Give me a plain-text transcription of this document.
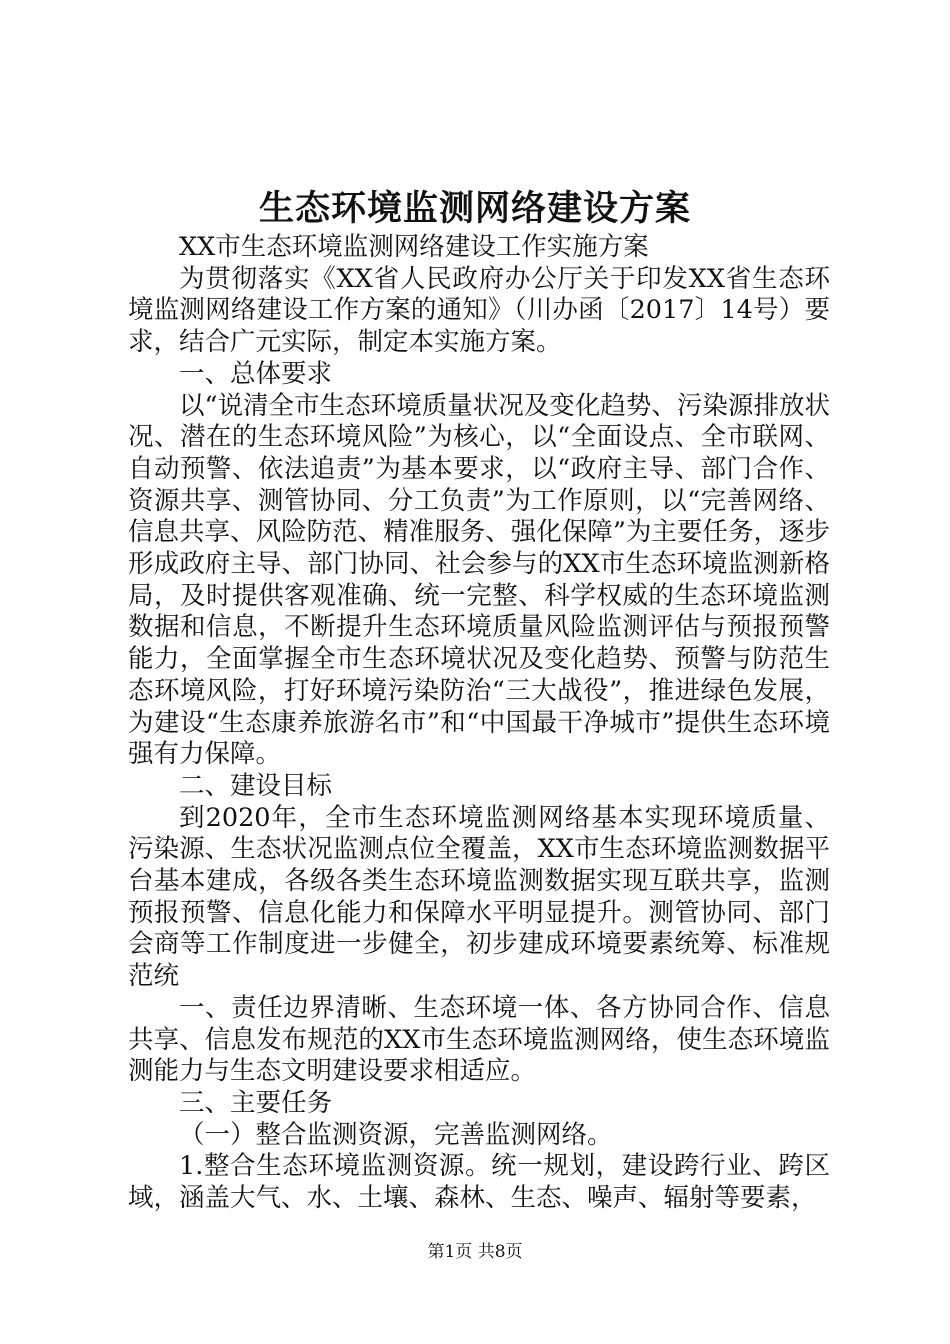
生态环境监测网络建设方案

XX市生态环境监测网络建设工作实施方案

为贯彻落实《XX省人民政府办公厅关于印发XX省生态环境监测网络建设工作方案的通知》（川办函〔2017〕14号）要求，结合广元实际，制定本实施方案。

一、总体要求

以“说清全市生态环境质量状况及变化趋势、污染源排放状况、潜在的生态环境风险”为核心，以“全面设点、全市联网、自动预警、依法追责”为基本要求，以“政府主导、部门合作、资源共享、测管协同、分工负责”为工作原则，以“完善网络、信息共享、风险防范、精准服务、强化保障”为主要任务，逐步形成政府主导、部门协同、社会参与的XX市生态环境监测新格局，及时提供客观准确、统一完整、科学权威的生态环境监测数据和信息，不断提升生态环境质量风险监测评估与预报预警能力，全面掌握全市生态环境状况及变化趋势、预警与防范生态环境风险，打好环境污染防治“三大战役”，推进绿色发展，为建设“生态康养旅游名市”和“中国最干净城市”提供生态环境强有力保障。

二、建设目标

到2020年，全市生态环境监测网络基本实现环境质量、污染源、生态状况监测点位全覆盖，XX市生态环境监测数据平台基本建成，各级各类生态环境监测数据实现互联共享，监测预报预警、信息化能力和保障水平明显提升。测管协同、部门会商等工作制度进一步健全，初步建成环境要素统筹、标准规范统

一、责任边界清晰、生态环境一体、各方协同合作、信息共享、信息发布规范的XX市生态环境监测网络，使生态环境监测能力与生态文明建设要求相适应。

三、主要任务

（一）整合监测资源，完善监测网络。

1.整合生态环境监测资源。统一规划，建设跨行业、跨区域，涵盖大气、水、土壤、森林、生态、噪声、辐射等要素，

第1页 共8页
